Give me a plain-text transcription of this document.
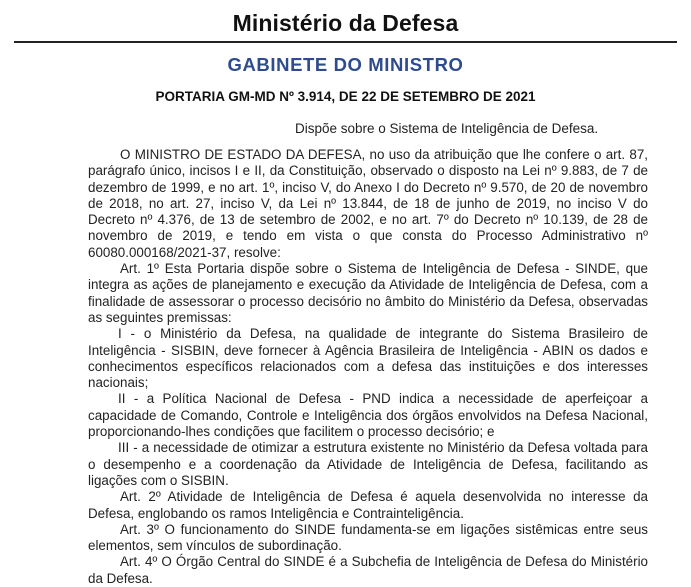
Ministério da Defesa
GABINETE DO MINISTRO
PORTARIA GM-MD Nº 3.914, DE 22 DE SETEMBRO DE 2021
Dispõe sobre o Sistema de Inteligência de Defesa.

O MINISTRO DE ESTADO DA DEFESA, no uso da atribuição que lhe confere o art. 87, parágrafo único, incisos I e II, da Constituição, observado o disposto na Lei nº 9.883, de 7 de dezembro de 1999, e no art. 1º, inciso V, do Anexo I do Decreto nº 9.570, de 20 de novembro de 2018, no art. 27, inciso V, da Lei nº 13.844, de 18 de junho de 2019, no inciso V do Decreto nº 4.376, de 13 de setembro de 2002, e no art. 7º do Decreto nº 10.139, de 28 de novembro de 2019, e tendo em vista o que consta do Processo Administrativo nº 60080.000168/2021-37, resolve:

Art. 1º Esta Portaria dispõe sobre o Sistema de Inteligência de Defesa - SINDE, que integra as ações de planejamento e execução da Atividade de Inteligência de Defesa, com a finalidade de assessorar o processo decisório no âmbito do Ministério da Defesa, observadas as seguintes premissas:

I - o Ministério da Defesa, na qualidade de integrante do Sistema Brasileiro de Inteligência - SISBIN, deve fornecer à Agência Brasileira de Inteligência - ABIN os dados e conhecimentos específicos relacionados com a defesa das instituições e dos interesses nacionais;

II - a Política Nacional de Defesa - PND indica a necessidade de aperfeiçoar a capacidade de Comando, Controle e Inteligência dos órgãos envolvidos na Defesa Nacional, proporcionando-lhes condições que facilitem o processo decisório; e

III - a necessidade de otimizar a estrutura existente no Ministério da Defesa voltada para o desempenho e a coordenação da Atividade de Inteligência de Defesa, facilitando as ligações com o SISBIN.

Art. 2º Atividade de Inteligência de Defesa é aquela desenvolvida no interesse da Defesa, englobando os ramos Inteligência e Contrainteligência.

Art. 3º O funcionamento do SINDE fundamenta-se em ligações sistêmicas entre seus elementos, sem vínculos de subordinação.

Art. 4º O Órgão Central do SINDE é a Subchefia de Inteligência de Defesa do Ministério da Defesa.
